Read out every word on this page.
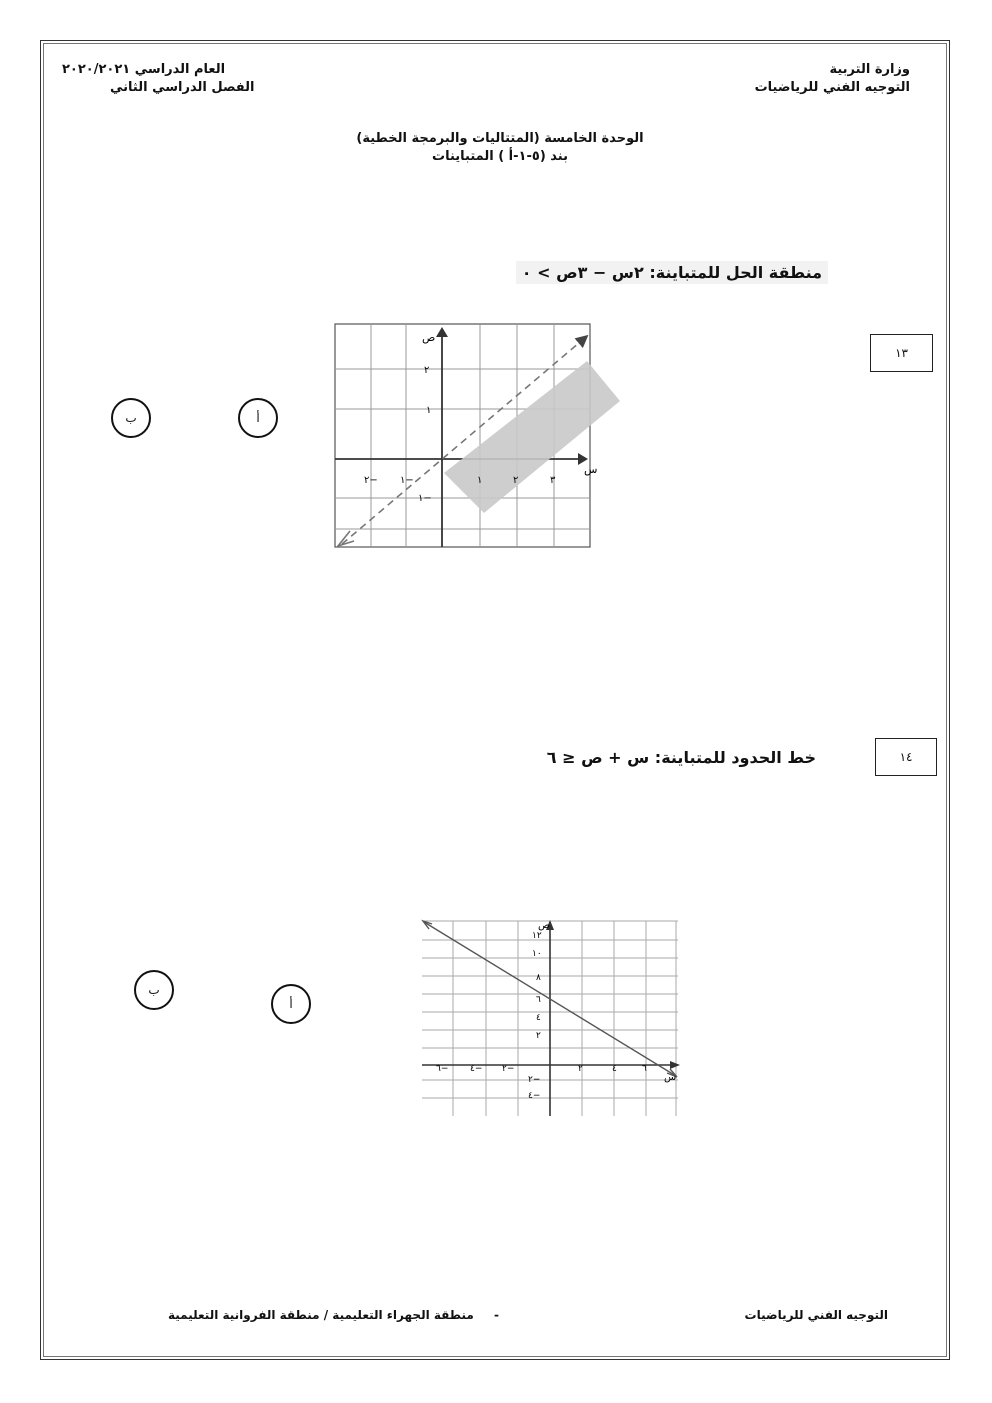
وزارة التربية
التوجيه الفني للرياضيات
العام الدراسي ٢٠٢٠/٢٠٢١
الفصل الدراسي الثاني
الوحدة الخامسة (المتتاليات والبرمجة الخطية)
بند (٥-١-أ ) المتباينات
منطقة الحل للمتباينة: ٢س − ٣ص > ٠
١٣
أ
ب
س
ص
٢− ١−	١	٢	٣
٢
١
١−
١٤
خط الحدود للمتباينة: س + ص ≤ ٦
أ
ب
ص
س
٦− ٤− ٢−	٢	٤	٦
١٢
١٠
٨
٦
٤
٢
٢−
٤−
التوجيه الفني للرياضيات
-
منطقة الجهراء التعليمية / منطقة الفروانية التعليمية
